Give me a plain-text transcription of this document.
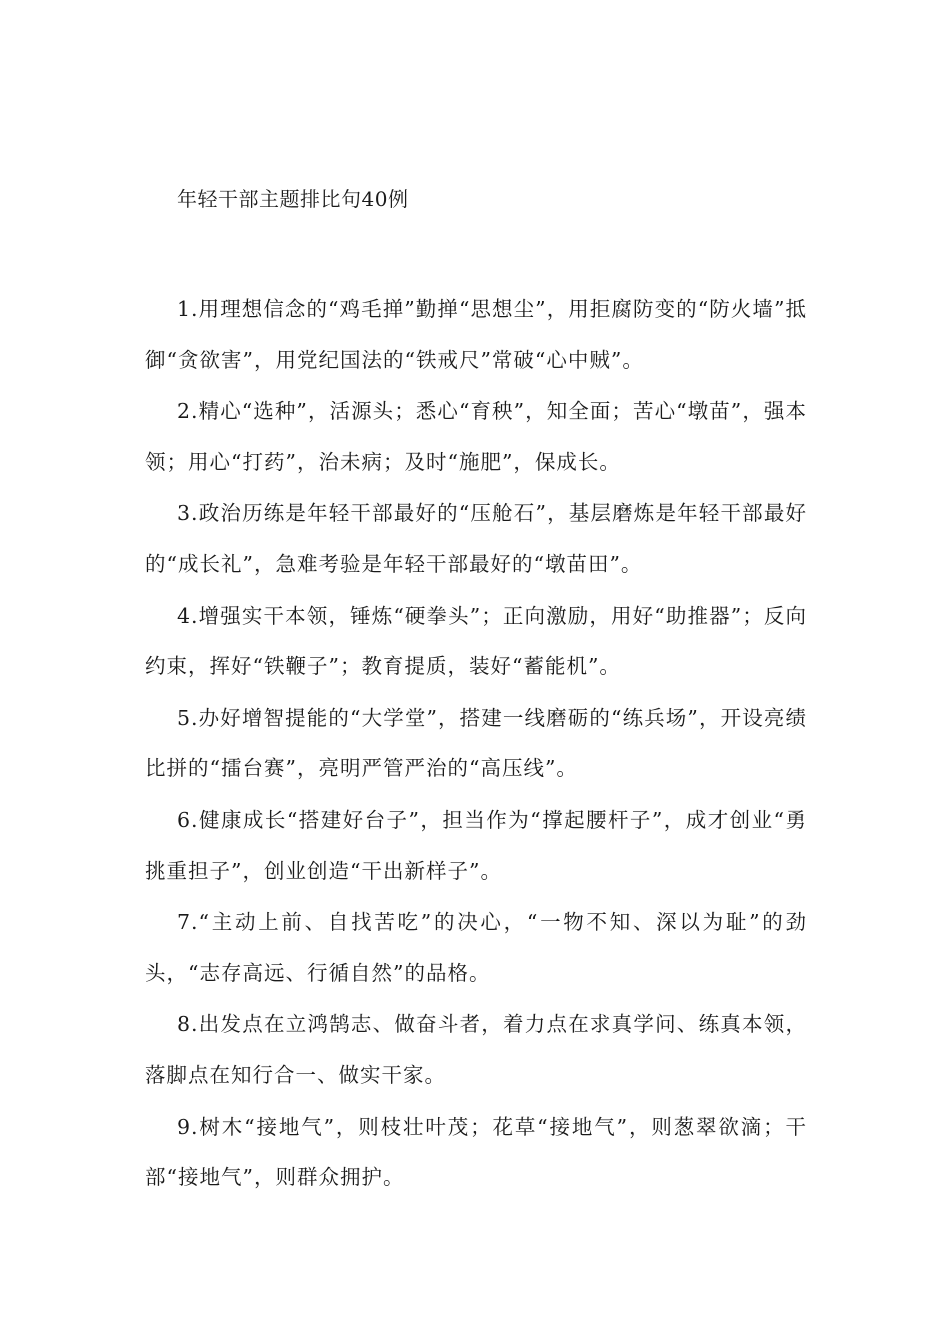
年轻干部主题排比句40例

1.用理想信念的“鸡毛掸”勤掸“思想尘”，用拒腐防变的“防火墙”抵御“贪欲害”，用党纪国法的“铁戒尺”常破“心中贼”。

2.精心“选种”，活源头；悉心“育秧”，知全面；苦心“墩苗”，强本领；用心“打药”，治未病；及时“施肥”，保成长。

3.政治历练是年轻干部最好的“压舱石”，基层磨炼是年轻干部最好的“成长礼”，急难考验是年轻干部最好的“墩苗田”。

4.增强实干本领，锤炼“硬拳头”；正向激励，用好“助推器”；反向约束，挥好“铁鞭子”；教育提质，装好“蓄能机”。

5.办好增智提能的“大学堂”，搭建一线磨砺的“练兵场”，开设亮绩比拼的“擂台赛”，亮明严管严治的“高压线”。

6.健康成长“搭建好台子”，担当作为“撑起腰杆子”，成才创业“勇挑重担子”，创业创造“干出新样子”。

7.“主动上前、自找苦吃”的决心，“一物不知、深以为耻”的劲头，“志存高远、行循自然”的品格。

8.出发点在立鸿鹄志、做奋斗者，着力点在求真学问、练真本领，落脚点在知行合一、做实干家。

9.树木“接地气”，则枝壮叶茂；花草“接地气”，则葱翠欲滴；干部“接地气”，则群众拥护。
